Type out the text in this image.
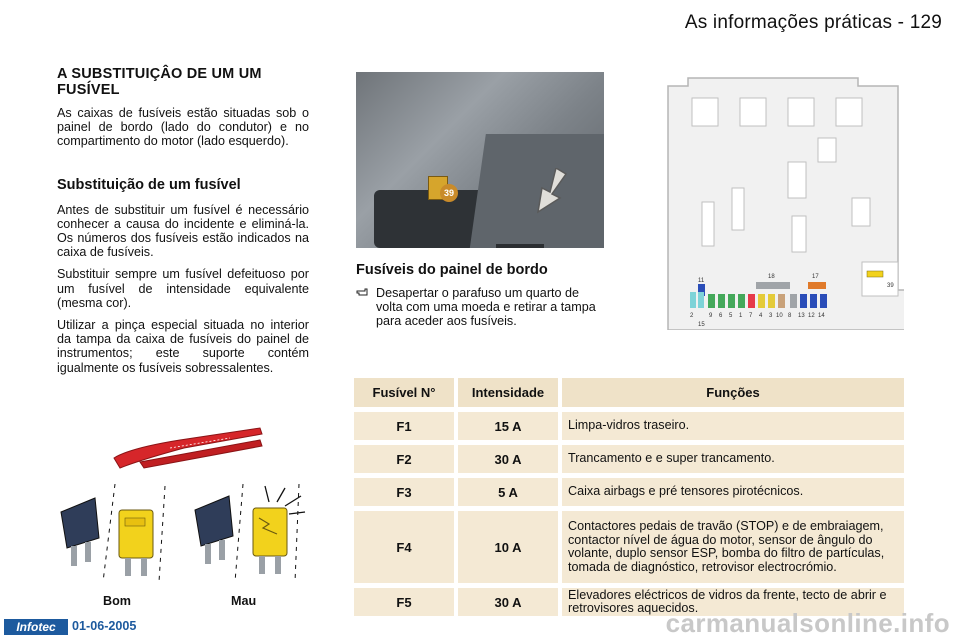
As informações práticas - 129
A SUBSTITUIÇÂO DE UM UM FUSÍVEL
As caixas de fusíveis estão situadas sob o painel de bordo (lado do condutor) e no compartimento do motor (lado esquerdo).
Substituição de um fusível
Antes de substituir um fusível é necessário conhecer a causa do incidente e eliminá-la. Os números dos fusíveis estão indicados na caixa de fusíveis.
Substituir sempre um fusível defeituoso por um fusível de intensidade equivalente (mesma cor).
Utilizar a pinça especial situada no interior da tampa da caixa de fusíveis do painel de instrumentos; este suporte contém igualmente os fusíveis sobressalentes.
39
Fusíveis do painel de bordo
Desapertar o parafuso um quarto de volta com uma moeda e retirar a tampa para aceder aos fusíveis.
39
11
18	17
2	9 6 5 1 7 4 3 10 8 13 12 14
15
Fusível N°		Intensidade		Funções
F1		15 A		Limpa-vidros traseiro.
F2		30 A		Trancamento e e super trancamento.
F3		5 A		Caixa airbags e pré tensores pirotécnicos.
F4		10 A		Contactores pedais de travão (STOP) e de embraiagem, contactor nível de água do motor, sensor de ângulo do volante, duplo sensor ESP, bomba do filtro de partículas, tomada de diagnóstico, retrovisor electrocrómio.
F5		30 A		Elevadores eléctricos de vidros da frente, tecto de abrir e retrovisores aquecidos.
Bom	Mau
Infotec	01-06-2005	carmanualsonline.info
